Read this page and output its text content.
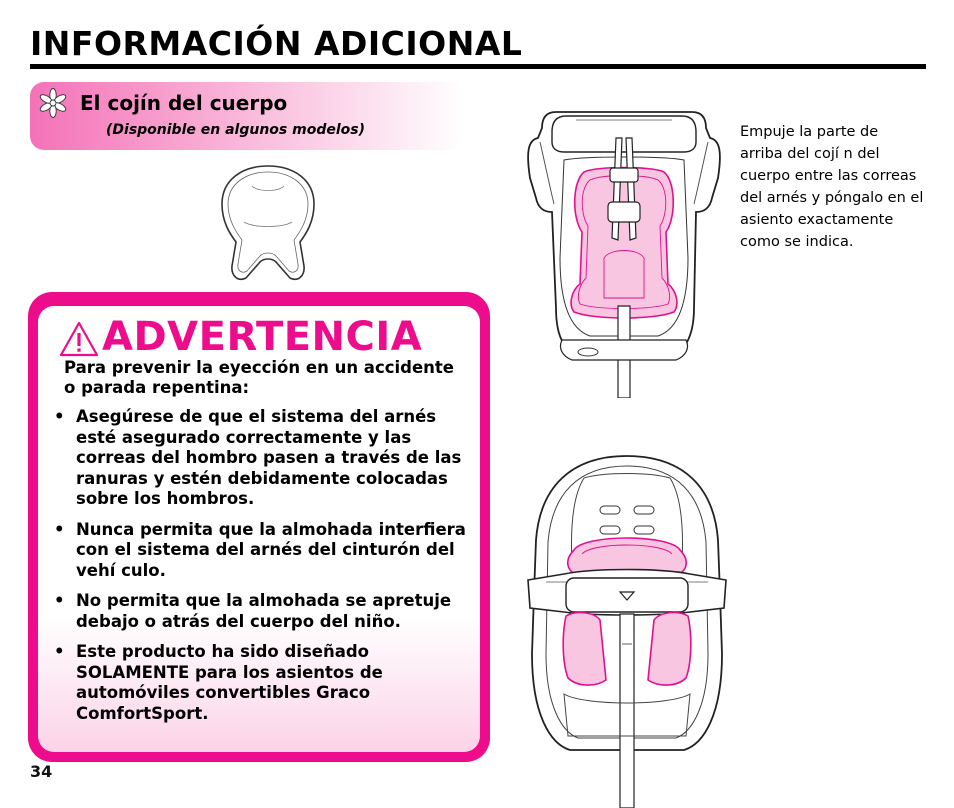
INFORMACIÓN ADICIONAL
El cojín del cuerpo
(Disponible en algunos modelos)
ADVERTENCIA
Para prevenir la eyección en un accidente o parada repentina:
• Asegúrese de que el sistema del arnés esté asegurado correctamente y las correas del hombro pasen a través de las ranuras y estén debidamente colocadas sobre los hombros.
• Nunca permita que la almohada interfiera con el sistema del arnés del cinturón del vehí culo.
• No permita que la almohada se apretuje debajo o atrás del cuerpo del niño.
• Este producto ha sido diseñado SOLAMENTE para los asientos de automóviles convertibles Graco ComfortSport.
34
Empuje la parte de arriba del cojí n del cuerpo entre las correas del arnés y póngalo en el asiento exactamente como se indica.
